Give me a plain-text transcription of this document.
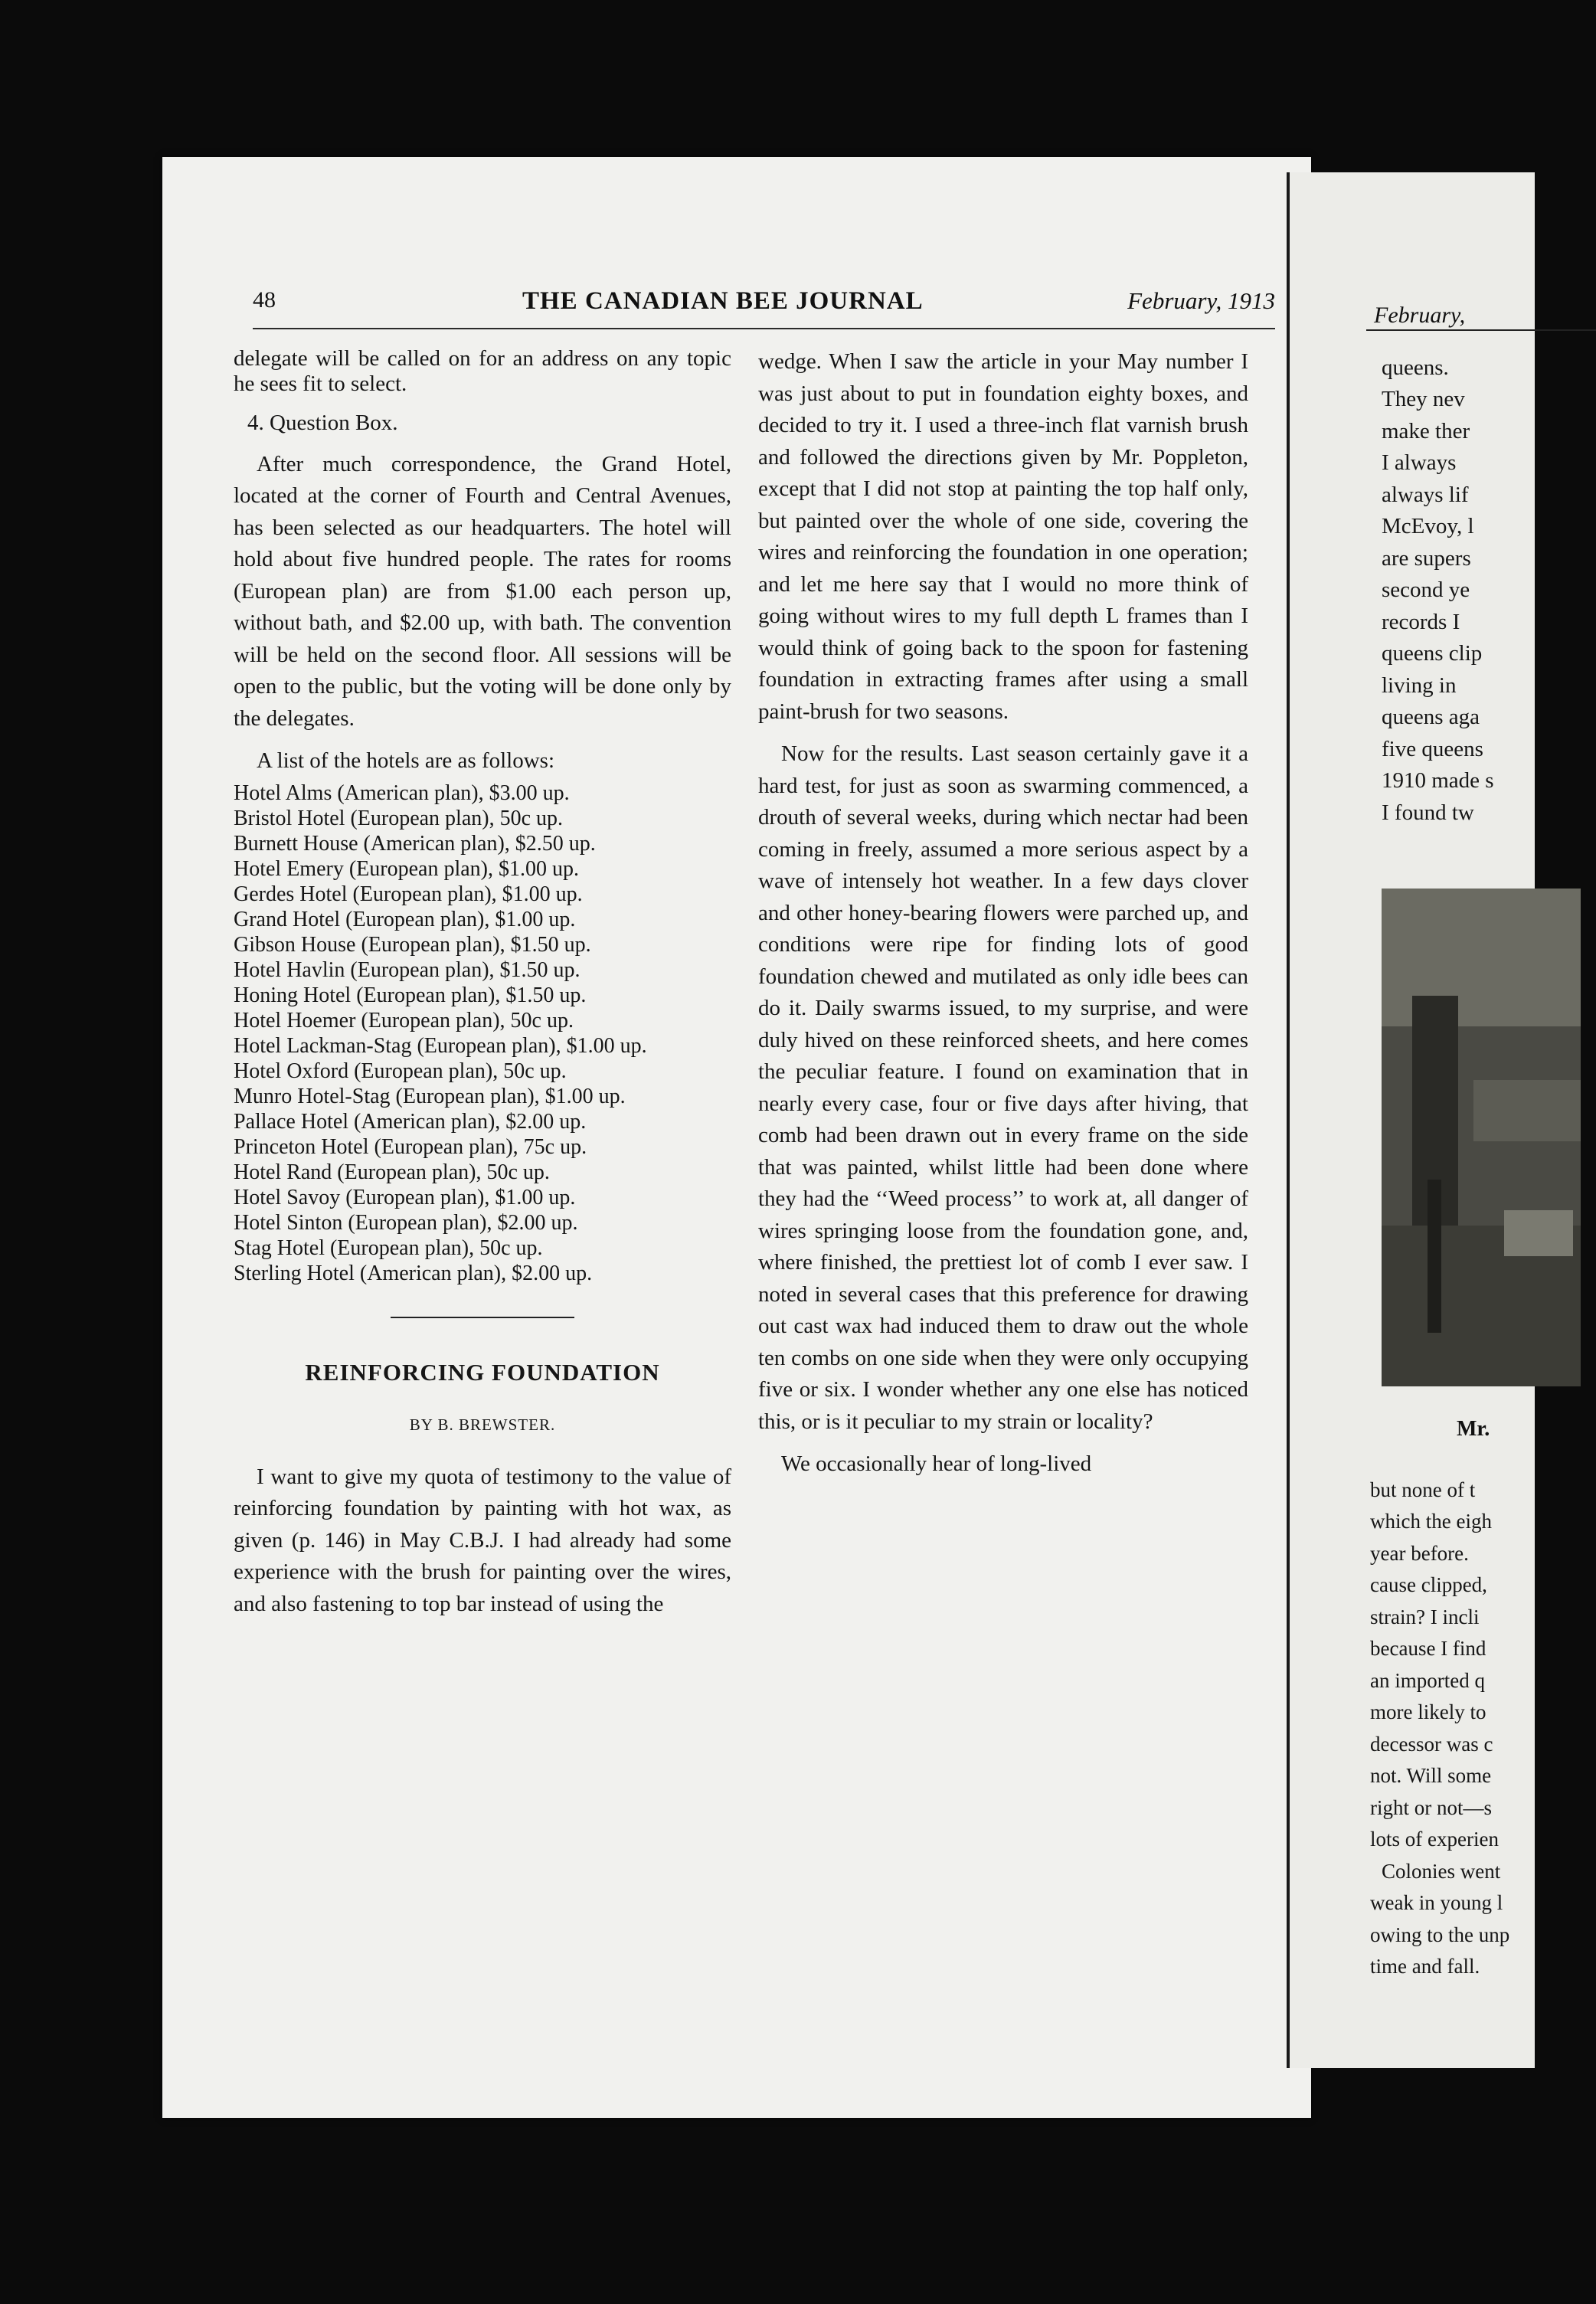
48	THE CANADIAN BEE JOURNAL	February, 1913

delegate will be called on for an address on any topic he sees fit to select.

4. Question Box.

After much correspondence, the Grand Hotel, located at the corner of Fourth and Central Avenues, has been selected as our headquarters. The hotel will hold about five hundred people. The rates for rooms (European plan) are from $1.00 each person up, without bath, and $2.00 up, with bath. The convention will be held on the second floor. All sessions will be open to the public, but the voting will be done only by the delegates.

A list of the hotels are as follows:

Hotel Alms (American plan), $3.00 up.
Bristol Hotel (European plan), 50c up.
Burnett House (American plan), $2.50 up.
Hotel Emery (European plan), $1.00 up.
Gerdes Hotel (European plan), $1.00 up.
Grand Hotel (European plan), $1.00 up.
Gibson House (European plan), $1.50 up.
Hotel Havlin (European plan), $1.50 up.
Honing Hotel (European plan), $1.50 up.
Hotel Hoemer (European plan), 50c up.
Hotel Lackman-Stag (European plan), $1.00 up.
Hotel Oxford (European plan), 50c up.
Munro Hotel-Stag (European plan), $1.00 up.
Pallace Hotel (American plan), $2.00 up.
Princeton Hotel (European plan), 75c up.
Hotel Rand (European plan), 50c up.
Hotel Savoy (European plan), $1.00 up.
Hotel Sinton (European plan), $2.00 up.
Stag Hotel (European plan), 50c up.
Sterling Hotel (American plan), $2.00 up.
REINFORCING FOUNDATION
BY B. BREWSTER.

I want to give my quota of testimony to the value of reinforcing foundation by painting with hot wax, as given (p. 146) in May C.B.J. I had already had some experience with the brush for painting over the wires, and also fastening to top bar instead of using the

wedge. When I saw the article in your May number I was just about to put in foundation eighty boxes, and decided to try it. I used a three-inch flat varnish brush and followed the directions given by Mr. Poppleton, except that I did not stop at painting the top half only, but painted over the whole of one side, covering the wires and reinforcing the foundation in one operation; and let me here say that I would no more think of going without wires to my full depth L frames than I would think of going back to the spoon for fastening foundation in extracting frames after using a small paint-brush for two seasons.

Now for the results. Last season certainly gave it a hard test, for just as soon as swarming commenced, a drouth of several weeks, during which nectar had been coming in freely, assumed a more serious aspect by a wave of intensely hot weather. In a few days clover and other honey-bearing flowers were parched up, and conditions were ripe for finding lots of good foundation chewed and mutilated as only idle bees can do it. Daily swarms issued, to my surprise, and were duly hived on these reinforced sheets, and here comes the peculiar feature. I found on examination that in nearly every case, four or five days after hiving, that comb had been drawn out in every frame on the side that was painted, whilst little had been done where they had the ‘‘Weed process’’ to work at, all danger of wires springing loose from the foundation gone, and, where finished, the prettiest lot of comb I ever saw. I noted in several cases that this preference for drawing out cast wax had induced them to draw out the whole ten combs on one side when they were only occupying five or six. I wonder whether any one else has noticed this, or is it peculiar to my strain or locality?

We occasionally hear of long-lived

February,
queens.
They nev
make ther
I always
always lif
McEvoy, l
are supers
second ye
records I
queens clip
living in
queens aga
five queens
1910 made s
I found tw
Mr.
but none of t
which the eigh
year before.
cause clipped,
strain? I incli
because I find
an imported q
more likely to
decessor was c
not. Will some
right or not—s
lots of experien
Colonies went
weak in young l
owing to the unp
time and fall.
